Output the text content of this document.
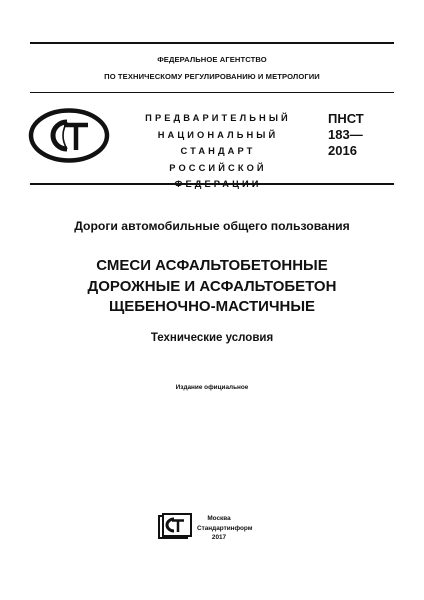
ФЕДЕРАЛЬНОЕ АГЕНТСТВО
ПО ТЕХНИЧЕСКОМУ РЕГУЛИРОВАНИЮ И МЕТРОЛОГИИ
ПРЕДВАРИТЕЛЬНЫЙ
НАЦИОНАЛЬНЫЙ
СТАНДАРТ
РОССИЙСКОЙ
ФЕДЕРАЦИИ
ПНСТ
183—
2016
Дороги автомобильные общего пользования
СМЕСИ АСФАЛЬТОБЕТОННЫЕ
ДОРОЖНЫЕ И АСФАЛЬТОБЕТОН
ЩЕБЕНОЧНО-МАСТИЧНЫЕ
Технические условия
Издание официальное
Москва
Стандартинформ
2017
